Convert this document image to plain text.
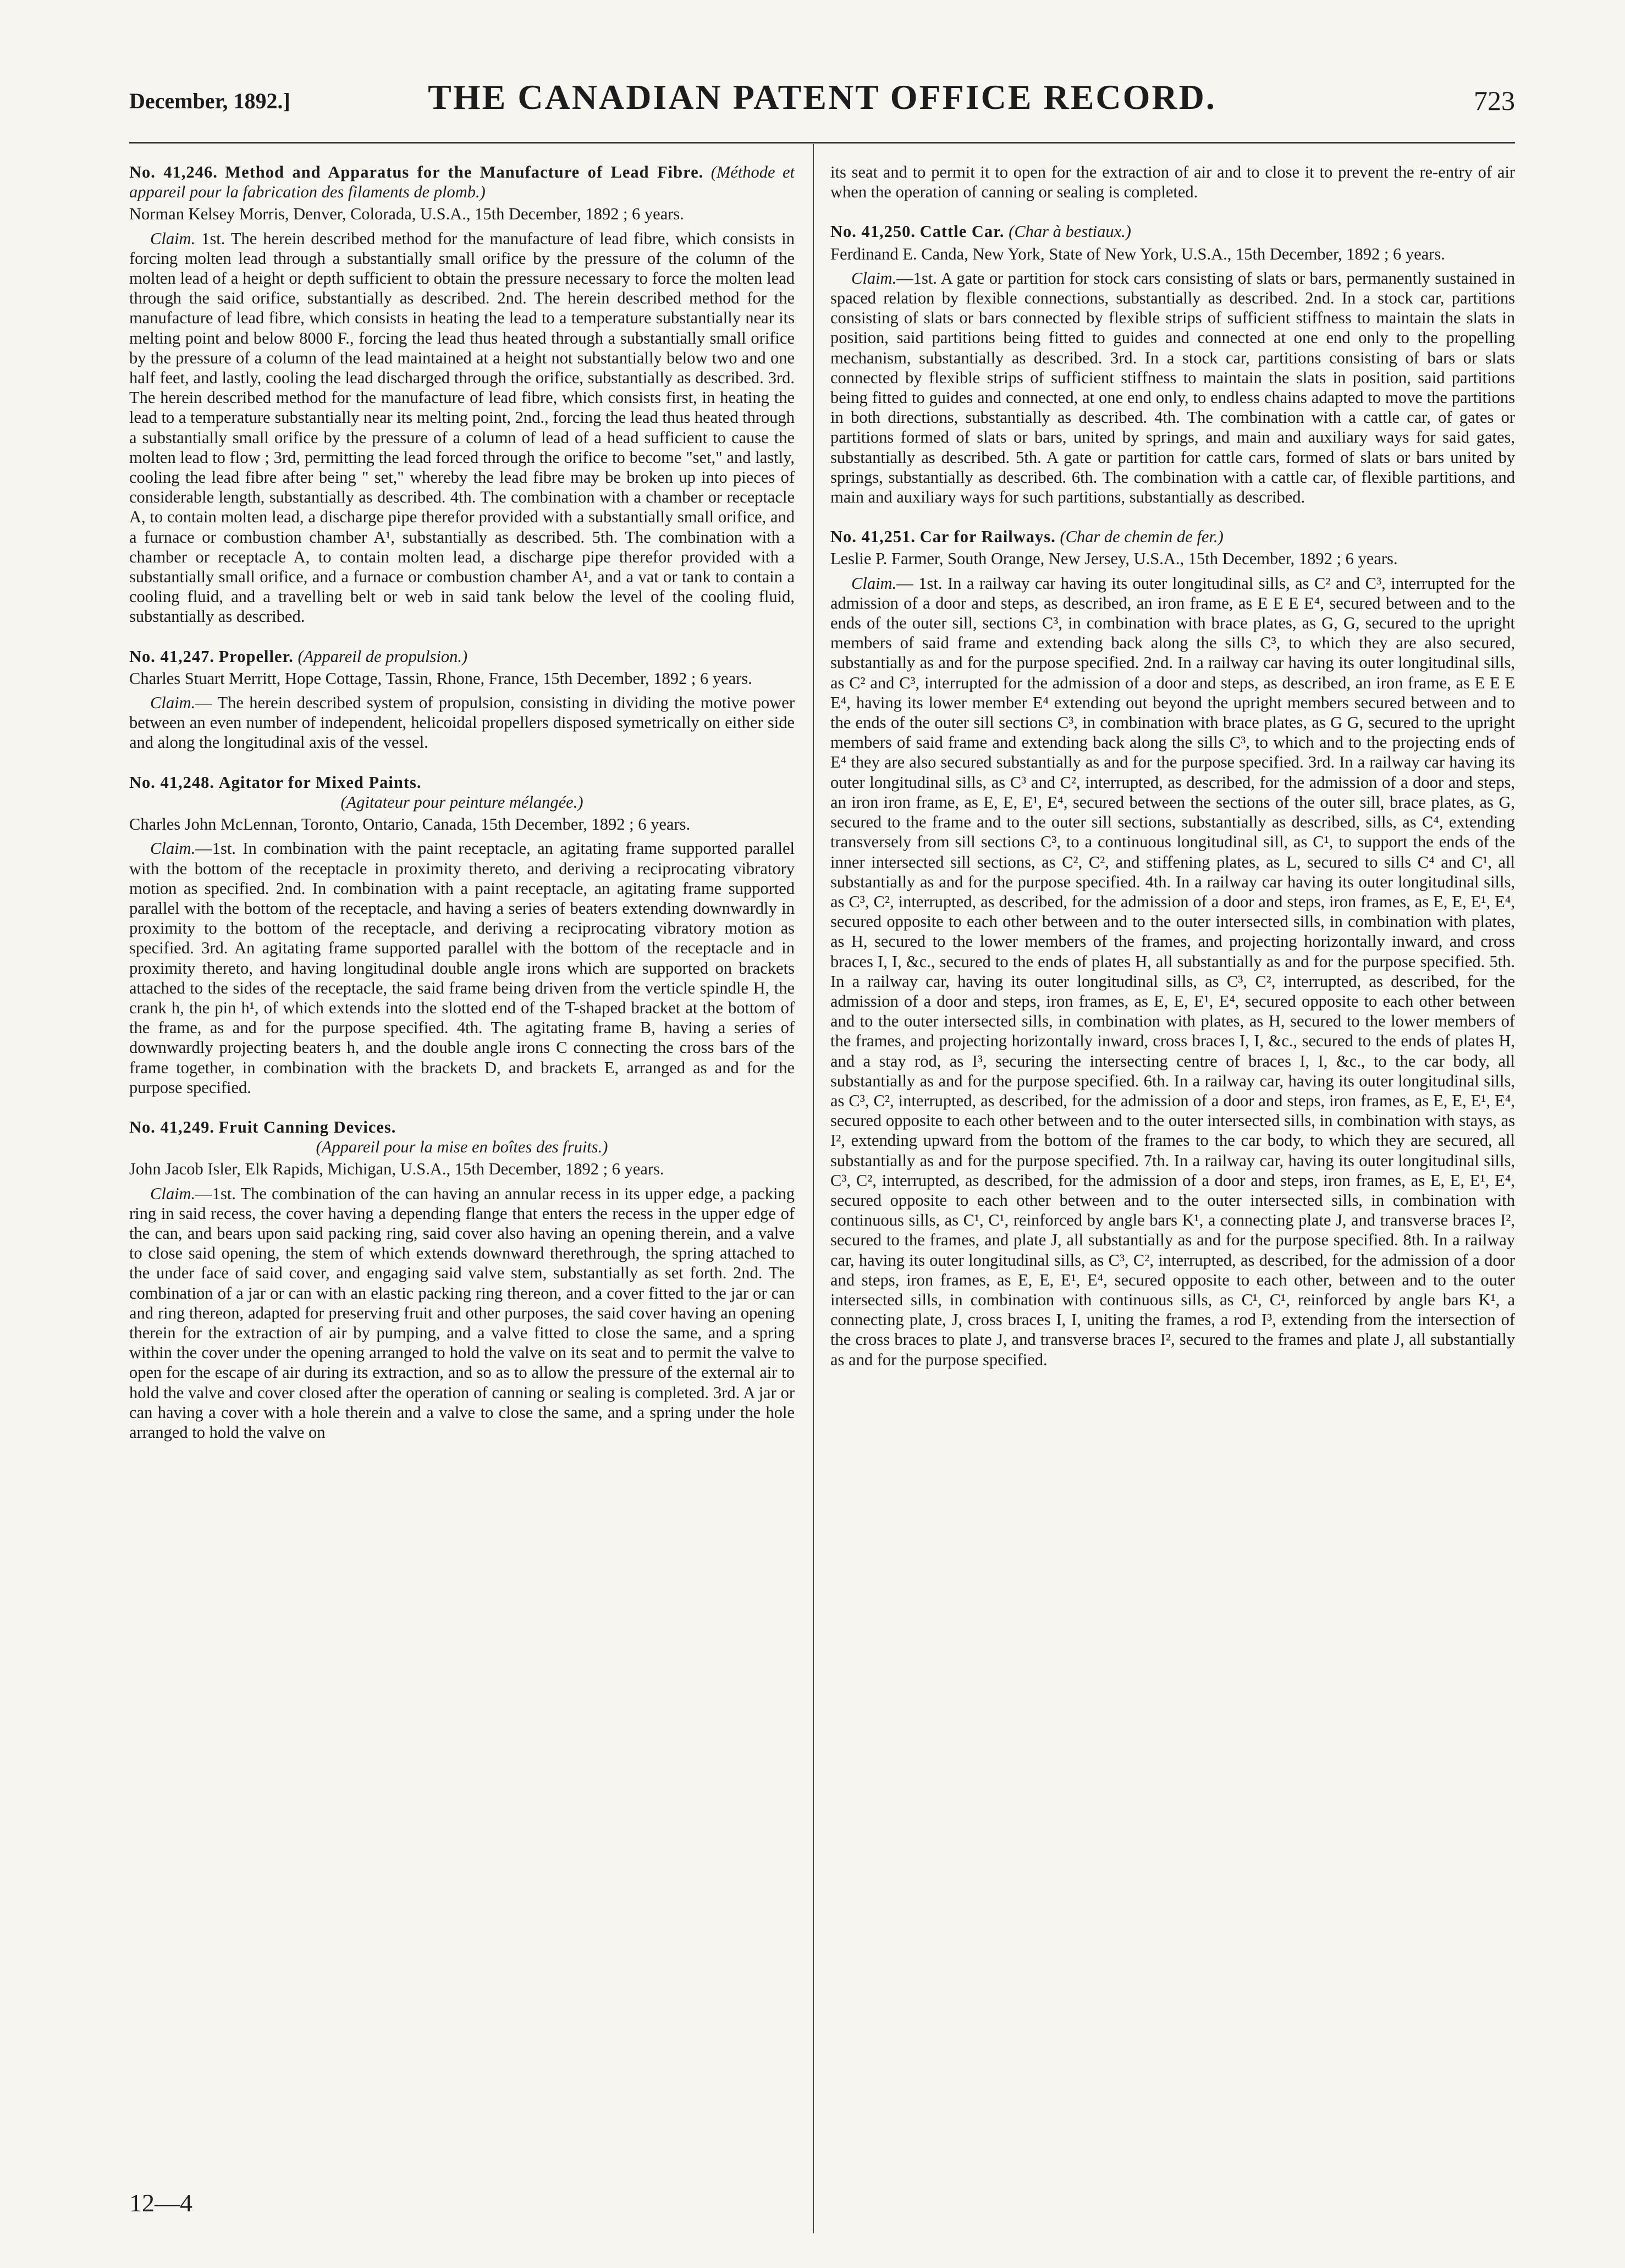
December, 1892.]	THE CANADIAN PATENT OFFICE RECORD.	723
No. 41,246. Method and Apparatus for the Manufacture of Lead Fibre. (Méthode et appareil pour la fabrication des filaments de plomb.)
Norman Kelsey Morris, Denver, Colorada, U.S.A., 15th December, 1892 ; 6 years.
Claim. 1st. The herein described method for the manufacture of lead fibre, which consists in forcing molten lead through a substantially small orifice by the pressure of the column of the molten lead of a height or depth sufficient to obtain the pressure necessary to force the molten lead through the said orifice, substantially as described. 2nd. The herein described method for the manufacture of lead fibre, which consists in heating the lead to a temperature substantially near its melting point and below 8000 F., forcing the lead thus heated through a substantially small orifice by the pressure of a column of the lead maintained at a height not substantially below two and one half feet, and lastly, cooling the lead discharged through the orifice, substantially as described. 3rd. The herein described method for the manufacture of lead fibre, which consists first, in heating the lead to a temperature substantially near its melting point, 2nd., forcing the lead thus heated through a substantially small orifice by the pressure of a column of lead of a head sufficient to cause the molten lead to flow ; 3rd, permitting the lead forced through the orifice to become "set," and lastly, cooling the lead fibre after being " set," whereby the lead fibre may be broken up into pieces of considerable length, substantially as described. 4th. The combination with a chamber or receptacle A, to contain molten lead, a discharge pipe therefor provided with a substantially small orifice, and a furnace or combustion chamber A¹, substantially as described. 5th. The combination with a chamber or receptacle A, to contain molten lead, a discharge pipe therefor provided with a substantially small orifice, and a furnace or combustion chamber A¹, and a vat or tank to contain a cooling fluid, and a travelling belt or web in said tank below the level of the cooling fluid, substantially as described.
No. 41,247. Propeller. (Appareil de propulsion.)
Charles Stuart Merritt, Hope Cottage, Tassin, Rhone, France, 15th December, 1892 ; 6 years.
Claim.— The herein described system of propulsion, consisting in dividing the motive power between an even number of independent, helicoidal propellers disposed symetrically on either side and along the longitudinal axis of the vessel.
No. 41,248. Agitator for Mixed Paints.
(Agitateur pour peinture mélangée.)
Charles John McLennan, Toronto, Ontario, Canada, 15th December, 1892 ; 6 years.
Claim.—1st. In combination with the paint receptacle, an agitating frame supported parallel with the bottom of the receptacle in proximity thereto, and deriving a reciprocating vibratory motion as specified. 2nd. In combination with a paint receptacle, an agitating frame supported parallel with the bottom of the receptacle, and having a series of beaters extending downwardly in proximity to the bottom of the receptacle, and deriving a reciprocating vibratory motion as specified. 3rd. An agitating frame supported parallel with the bottom of the receptacle and in proximity thereto, and having longitudinal double angle irons which are supported on brackets attached to the sides of the receptacle, the said frame being driven from the verticle spindle H, the crank h, the pin h¹, of which extends into the slotted end of the T-shaped bracket at the bottom of the frame, as and for the purpose specified. 4th. The agitating frame B, having a series of downwardly projecting beaters h, and the double angle irons C connecting the cross bars of the frame together, in combination with the brackets D, and brackets E, arranged as and for the purpose specified.
No. 41,249. Fruit Canning Devices.
(Appareil pour la mise en boîtes des fruits.)
John Jacob Isler, Elk Rapids, Michigan, U.S.A., 15th December, 1892 ; 6 years.
Claim.—1st. The combination of the can having an annular recess in its upper edge, a packing ring in said recess, the cover having a depending flange that enters the recess in the upper edge of the can, and bears upon said packing ring, said cover also having an opening therein, and a valve to close said opening, the stem of which extends downward therethrough, the spring attached to the under face of said cover, and engaging said valve stem, substantially as set forth. 2nd. The combination of a jar or can with an elastic packing ring thereon, and a cover fitted to the jar or can and ring thereon, adapted for preserving fruit and other purposes, the said cover having an opening therein for the extraction of air by pumping, and a valve fitted to close the same, and a spring within the cover under the opening arranged to hold the valve on its seat and to permit the valve to open for the escape of air during its extraction, and so as to allow the pressure of the external air to hold the valve and cover closed after the operation of canning or sealing is completed. 3rd. A jar or can having a cover with a hole therein and a valve to close the same, and a spring under the hole arranged to hold the valve on
its seat and to permit it to open for the extraction of air and to close it to prevent the re-entry of air when the operation of canning or sealing is completed.
No. 41,250. Cattle Car. (Char à bestiaux.)
Ferdinand E. Canda, New York, State of New York, U.S.A., 15th December, 1892 ; 6 years.
Claim.—1st. A gate or partition for stock cars consisting of slats or bars, permanently sustained in spaced relation by flexible connections, substantially as described. 2nd. In a stock car, partitions consisting of slats or bars connected by flexible strips of sufficient stiffness to maintain the slats in position, said partitions being fitted to guides and connected at one end only to the propelling mechanism, substantially as described. 3rd. In a stock car, partitions consisting of bars or slats connected by flexible strips of sufficient stiffness to maintain the slats in position, said partitions being fitted to guides and connected, at one end only, to endless chains adapted to move the partitions in both directions, substantially as described. 4th. The combination with a cattle car, of gates or partitions formed of slats or bars, united by springs, and main and auxiliary ways for said gates, substantially as described. 5th. A gate or partition for cattle cars, formed of slats or bars united by springs, substantially as described. 6th. The combination with a cattle car, of flexible partitions, and main and auxiliary ways for such partitions, substantially as described.
No. 41,251. Car for Railways. (Char de chemin de fer.)
Leslie P. Farmer, South Orange, New Jersey, U.S.A., 15th December, 1892 ; 6 years.
Claim.— 1st. In a railway car having its outer longitudinal sills, as C² and C³, interrupted for the admission of a door and steps, as described, an iron frame, as E E E E⁴, secured between and to the ends of the outer sill, sections C³, in combination with brace plates, as G, G, secured to the upright members of said frame and extending back along the sills C³, to which they are also secured, substantially as and for the purpose specified. 2nd. In a railway car having its outer longitudinal sills, as C² and C³, interrupted for the admission of a door and steps, as described, an iron frame, as E E E E⁴, having its lower member E⁴ extending out beyond the upright members secured between and to the ends of the outer sill sections C³, in combination with brace plates, as G G, secured to the upright members of said frame and extending back along the sills C³, to which and to the projecting ends of E⁴ they are also secured substantially as and for the purpose specified. 3rd. In a railway car having its outer longitudinal sills, as C³ and C², interrupted, as described, for the admission of a door and steps, an iron iron frame, as E, E, E¹, E⁴, secured between the sections of the outer sill, brace plates, as G, secured to the frame and to the outer sill sections, substantially as described, sills, as C⁴, extending transversely from sill sections C³, to a continuous longitudinal sill, as C¹, to support the ends of the inner intersected sill sections, as C², C², and stiffening plates, as L, secured to sills C⁴ and C¹, all substantially as and for the purpose specified. 4th. In a railway car having its outer longitudinal sills, as C³, C², interrupted, as described, for the admission of a door and steps, iron frames, as E, E, E¹, E⁴, secured opposite to each other between and to the outer intersected sills, in combination with plates, as H, secured to the lower members of the frames, and projecting horizontally inward, and cross braces I, I, &c., secured to the ends of plates H, all substantially as and for the purpose specified. 5th. In a railway car, having its outer longitudinal sills, as C³, C², interrupted, as described, for the admission of a door and steps, iron frames, as E, E, E¹, E⁴, secured opposite to each other between and to the outer intersected sills, in combination with plates, as H, secured to the lower members of the frames, and projecting horizontally inward, cross braces I, I, &c., secured to the ends of plates H, and a stay rod, as I³, securing the intersecting centre of braces I, I, &c., to the car body, all substantially as and for the purpose specified. 6th. In a railway car, having its outer longitudinal sills, as C³, C², interrupted, as described, for the admission of a door and steps, iron frames, as E, E, E¹, E⁴, secured opposite to each other between and to the outer intersected sills, in combination with stays, as I², extending upward from the bottom of the frames to the car body, to which they are secured, all substantially as and for the purpose specified. 7th. In a railway car, having its outer longitudinal sills, C³, C², interrupted, as described, for the admission of a door and steps, iron frames, as E, E, E¹, E⁴, secured opposite to each other between and to the outer intersected sills, in combination with continuous sills, as C¹, C¹, reinforced by angle bars K¹, a connecting plate J, and transverse braces I², secured to the frames, and plate J, all substantially as and for the purpose specified. 8th. In a railway car, having its outer longitudinal sills, as C³, C², interrupted, as described, for the admission of a door and steps, iron frames, as E, E, E¹, E⁴, secured opposite to each other, between and to the outer intersected sills, in combination with continuous sills, as C¹, C¹, reinforced by angle bars K¹, a connecting plate, J, cross braces I, I, uniting the frames, a rod I³, extending from the intersection of the cross braces to plate J, and transverse braces I², secured to the frames and plate J, all substantially as and for the purpose specified.
12—4
